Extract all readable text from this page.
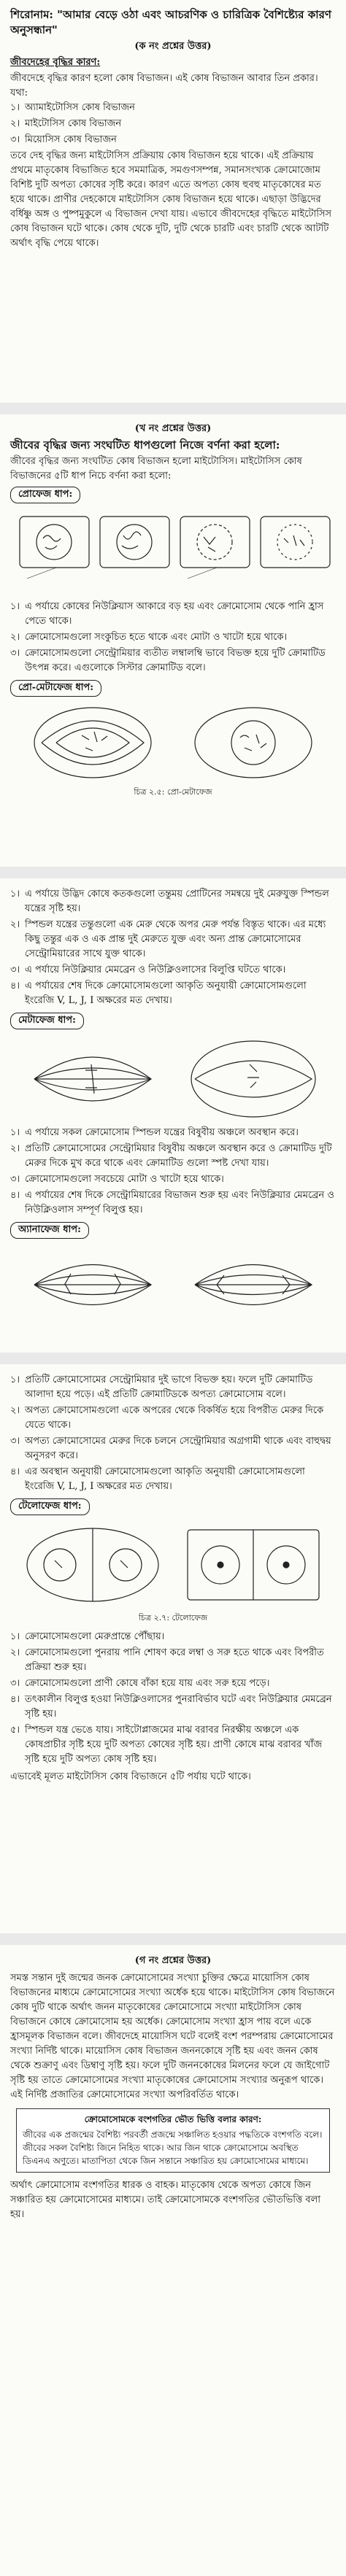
শিরোনাম: "আমার বেড়ে ওঠা এবং আচরণিক ও চারিত্রিক বৈশিষ্ট্যের কারণ অনুসন্ধান"
(ক নং প্রশ্নের উত্তর)
জীবদেহের বৃদ্ধির কারণ:
জীবদেহে বৃদ্ধির কারণ হলো কোষ বিভাজন। এই কোষ বিভাজন আবার তিন প্রকার। যথা:
১। অ্যামাইটোসিস কোষ বিভাজন
২। মাইটোসিস কোষ বিভাজন
৩। মিয়োসিস কোষ বিভাজন
তবে দেহ বৃদ্ধির জন্য মাইটোসিস প্রক্রিয়ায় কোষ বিভাজন হয়ে থাকে। এই প্রক্রিয়ায় প্রথমে মাতৃকোষ বিভাজিত হবে সমমাত্রিক, সমগুণসম্পন্ন, সমানসংখ্যক ক্রোমোজোম বিশিষ্ট দুটি অপত্য কোষের সৃষ্টি করে। কারণ এতে অপত্য কোষ হুবহু মাতৃকোষের মত হয়ে থাকে। প্রাণীর দেহকোষে মাইটোসিস কোষ বিভাজন হয়ে থাকে। এছাড়া উদ্ভিদের বর্ধিষ্ণু অঙ্গ ও পুষ্পমুকুলে এ বিভাজন দেখা যায়। এভাবে জীবদেহের বৃদ্ধিতে মাইটোসিস কোষ বিভাজন ঘটে থাকে। কোষ থেকে দুটি, দুটি থেকে চারটি এবং চারটি থেকে আটটি অর্থাৎ বৃদ্ধি পেয়ে থাকে।
(খ নং প্রশ্নের উত্তর)
জীবের বৃদ্ধির জন্য সংঘটিত ধাপগুলো নিজে বর্ণনা করা হলো:
জীবের বৃদ্ধির জন্য সংঘটিত কোষ বিভাজন হলো মাইটোসিস। মাইটোসিস কোষ বিভাজনের ৫টি ধাপ নিচে বর্ণনা করা হলো:
প্রোফেজ ধাপ:
১। এ পর্যায়ে কোষের নিউক্লিয়াস আকারে বড় হয় এবং ক্রোমোসোম থেকে পানি হ্রাস পেতে থাকে।
২। ক্রোমোসোমগুলো সংকুচিত হতে থাকে এবং মোটা ও খাটো হয়ে থাকে।
৩। ক্রোমোসোমগুলো সেন্ট্রোমিয়ার ব্যতীত লম্বালম্বি ভাবে বিভক্ত হয়ে দুটি ক্রোমাটিড উৎপন্ন করে। এগুলোকে সিস্টার ক্রোমাটিড বলে।
প্রো-মেটাফেজ ধাপ:
চিত্র ২.৫: প্রো-মেটাফেজ
১। এ পর্যায়ে উদ্ভিদ কোষে কতকগুলো তন্তুময় প্রোটিনের সমন্বয়ে দুই মেরুযুক্ত স্পিন্ডল যন্ত্রের সৃষ্টি হয়।
২। স্পিন্ডল যন্ত্রের তন্তুগুলো এক মেরু থেকে অপর মেরু পর্যন্ত বিস্তৃত থাকে। এর মধ্যে কিছু তন্তুর এক ও এক প্রান্ত দুই মেরুতে যুক্ত এবং অন্য প্রান্ত ক্রোমোসোমের সেন্ট্রোমিয়ারের সাথে যুক্ত থাকে।
৩। এ পর্যায়ে নিউক্লিয়ার মেমব্রেন ও নিউক্লিওলাসের বিলুপ্তি ঘটতে থাকে।
৪। এ পর্যায়ের শেষ দিকে ক্রোমোসোমগুলো আকৃতি অনুযায়ী ক্রোমোসোমগুলো ইংরেজি V, L, J, I অক্ষরের মত দেখায়।
মেটাফেজ ধাপ:
১। এ পর্যায়ে সকল ক্রোমোসোম স্পিন্ডল যন্ত্রের বিষুবীয় অঞ্চলে অবস্থান করে।
২। প্রতিটি ক্রোমোসোমের সেন্ট্রোমিয়ার বিষুবীয় অঞ্চলে অবস্থান করে ও ক্রোমাটিড দুটি মেরুর দিকে মুখ করে থাকে এবং ক্রোমাটিড গুলো স্পষ্ট দেখা যায়।
৩। ক্রোমোসোমগুলো সবচেয়ে মোটা ও খাটো হয়ে থাকে।
৪। এ পর্যায়ের শেষ দিকে সেন্ট্রোমিয়ারের বিভাজন শুরু হয় এবং নিউক্লিয়ার মেমব্রেন ও নিউক্লিওলাস সম্পূর্ণ বিলুপ্ত হয়।
অ্যানাফেজ ধাপ:
১। প্রতিটি ক্রোমোসোমের সেন্ট্রোমিয়ার দুই ভাগে বিভক্ত হয়। ফলে দুটি ক্রোমাটিড আলাদা হয়ে পড়ে। এই প্রতিটি ক্রোমাটিডকে অপত্য ক্রোমোসোম বলে।
২। অপত্য ক্রোমোসোমগুলো একে অপরের থেকে বিকর্ষিত হয়ে বিপরীত মেরুর দিকে যেতে থাকে।
৩। অপত্য ক্রোমোসোমের মেরুর দিকে চলনে সেন্ট্রোমিয়ার অগ্রগামী থাকে এবং বাহুদ্বয় অনুসরণ করে।
৪। এর অবস্থান অনুযায়ী ক্রোমোসোমগুলো আকৃতি অনুযায়ী ক্রোমোসোমগুলো ইংরেজি V, L, J, I অক্ষরের মত দেখায়।
টেলোফেজ ধাপ:
চিত্র ২.৭: টেলোফেজ
১। ক্রোমোসোমগুলো মেরুপ্রান্তে পৌঁছায়।
২। ক্রোমোসোমগুলো পুনরায় পানি শোষণ করে লম্বা ও সরু হতে থাকে এবং বিপরীত প্রক্রিয়া শুরু হয়।
৩। ক্রোমোসোমগুলো প্রাণী কোষে বাঁকা হয়ে যায় এবং সরু হয়ে পড়ে।
৪। তৎকালীন বিলুপ্ত হওয়া নিউক্লিওলাসের পুনরাবির্ভাব ঘটে এবং নিউক্লিয়ার মেমব্রেন সৃষ্টি হয়।
৫। স্পিন্ডল যন্ত্র ভেঙে যায়। সাইটোপ্লাজমের মাঝ বরাবর নিরক্ষীয় অঞ্চলে এক কোষপ্রাচীর সৃষ্টি হয়ে দুটি অপত্য কোষের সৃষ্টি হয়। প্রাণী কোষে মাঝ বরাবর খাঁজ সৃষ্টি হয়ে দুটি অপত্য কোষ সৃষ্টি হয়।
এভাবেই মূলত মাইটোসিস কোষ বিভাজনে ৫টি পর্যায় ঘটে থাকে।
(গ নং প্রশ্নের উত্তর)
সমস্ত সন্তান দুই জন্মের জনক ক্রোমোসোমের সংখ্যা চুক্তির ক্ষেত্রে মায়োসিস কোষ বিভাজনের মাধ্যমে ক্রোমোসোমের সংখ্যা অর্ধেক হয়ে থাকে। মাইটোসিস কোষ বিভাজনে কোষ দুটি থাকে অর্থাৎ জনন মাতৃকোষের ক্রোমোসোমে সংখ্যা মাইটোসিস কোষ বিভাজনে কোষে ক্রোমোসোম হয় অর্ধেক। ক্রোমোসোম সংখ্যা হ্রাস পায় বলে একে হ্রাসমূলক বিভাজন বলে। জীবদেহে মায়োসিস ঘটে বলেই বংশ পরম্পরায় ক্রোমোসোমের সংখ্যা নির্দিষ্ট থাকে। মায়োসিস কোষ বিভাজন জননকোষে সৃষ্টি হয় এবং জনন কোষ থেকে শুক্রাণু এবং ডিম্বাণু সৃষ্টি হয়। ফলে দুটি জননকোষের মিলনের ফলে যে জাইগোট সৃষ্টি হয় তাতে ক্রোমোসোমের সংখ্যা মাতৃকোষের ক্রোমোসোম সংখ্যার অনুরূপ থাকে। এই নির্দিষ্ট প্রজাতির ক্রোমোসোমের সংখ্যা অপরিবর্তিত থাকে।
ক্রোমোসোমকে বংশগতির ভৌত ভিত্তি বলার কারণ:
জীবের এক প্রজন্মের বৈশিষ্ট্য পরবর্তী প্রজন্মে সঞ্চালিত হওয়ার পদ্ধতিকে বংশগতি বলে। জীবের সকল বৈশিষ্ট্য জিনে নিহিত থাকে। আর জিন থাকে ক্রোমোসোমে অবস্থিত ডিএনএ অণুতে। মাতাপিতা থেকে জিন সন্তানে সঞ্চারিত হয় ক্রোমোসোমের মাধ্যমে।
অর্থাৎ ক্রোমোসোম বংশগতির ধারক ও বাহক। মাতৃকোষ থেকে অপত্য কোষে জিন সঞ্চারিত হয় ক্রোমোসোমের মাধ্যমে। তাই ক্রোমোসোমকে বংশগতির ভৌতভিত্তি বলা হয়।
